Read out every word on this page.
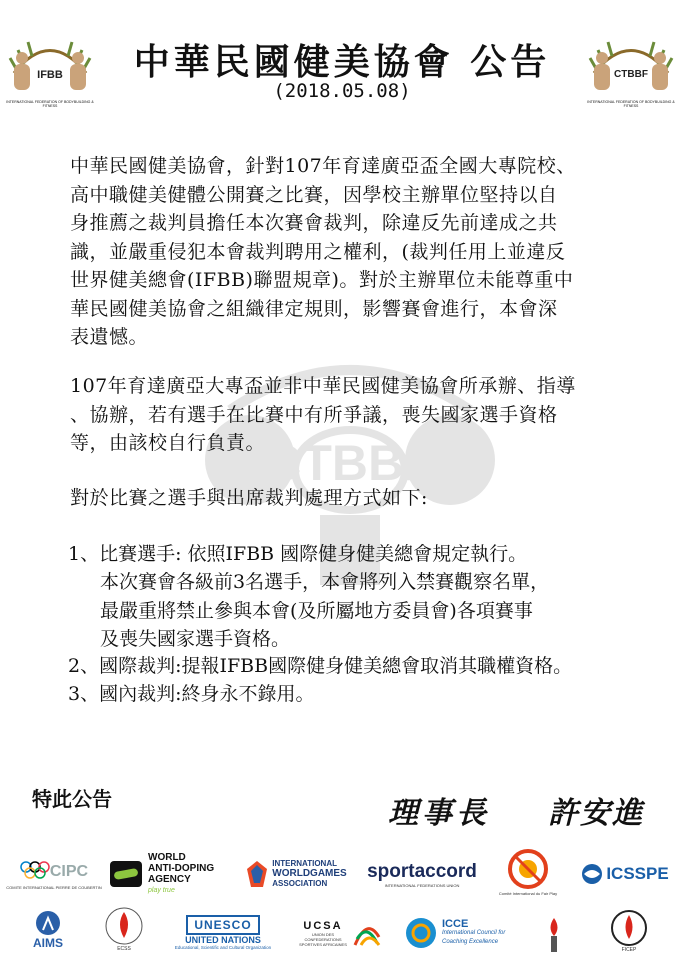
CTBBF
IFBB
INTERNATIONAL FEDERATION OF BODYBUILDING & FITNESS
CTBBF
INTERNATIONAL FEDERATION OF BODYBUILDING & FITNESS
中華民國健美協會 公告
(2018.05.08)
中華民國健美協會，針對107年育達廣亞盃全國大專院校、
高中職健美健體公開賽之比賽，因學校主辦單位堅持以自
身推薦之裁判員擔任本次賽會裁判，除違反先前達成之共
識，並嚴重侵犯本會裁判聘用之權利，(裁判任用上並違反
世界健美總會(IFBB)聯盟規章)。對於主辦單位未能尊重中
華民國健美協會之組織律定規則，影響賽會進行，本會深
表遺憾。
107年育達廣亞大專盃並非中華民國健美協會所承辦、指導
、協辦，若有選手在比賽中有所爭議，喪失國家選手資格
等，由該校自行負責。
對於比賽之選手與出席裁判處理方式如下:
1、比賽選手: 依照IFBB 國際健身健美總會規定執行。
本次賽會各級前3名選手，本會將列入禁賽觀察名單，
最嚴重將禁止參與本會(及所屬地方委員會)各項賽事
及喪失國家選手資格。
2、國際裁判:提報IFBB國際健身健美總會取消其職權資格。
3、國內裁判:終身永不錄用。
特此公告	理事長 許安進
CIPC
COMITE INTERNATIONAL PIERRE DE COUBERTIN
WORLD
ANTI-DOPING
AGENCY
play true
INTERNATIONAL
WORLDGAMES
ASSOCIATION
sportaccord
INTERNATIONAL FEDERATIONS UNION
Comité International du Fair Play
ICSSPE
AIMS	ECSS
UNESCO
UNITED NATIONS
Educational, Scientific and Cultural Organization
UCSA
UNION DES CONFEDERATIONS SPORTIVES AFRICAINES
ICCE
International Council for
Coaching Excellence
FICEP
